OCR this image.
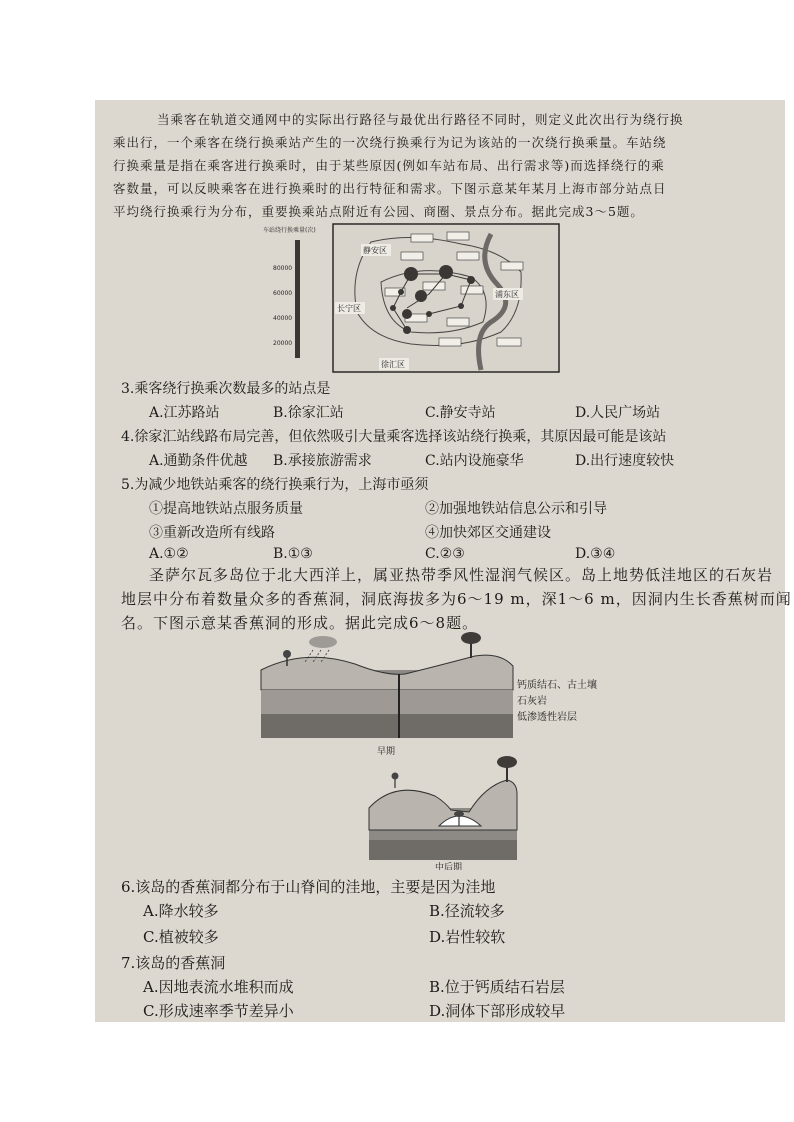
当乘客在轨道交通网中的实际出行路径与最优出行路径不同时，则定义此次出行为绕行换
乘出行，一个乘客在绕行换乘站产生的一次绕行换乘行为记为该站的一次绕行换乘量。车站绕
行换乘量是指在乘客进行换乘时，由于某些原因(例如车站布局、出行需求等)而选择绕行的乘
客数量，可以反映乘客在进行换乘时的出行特征和需求。下图示意某年某月上海市部分站点日
平均绕行换乘行为分布，重要换乘站点附近有公园、商圈、景点分布。据此完成3～5题。
车站绕行换乘量(次)
80000
60000
40000
20000
静安区
长宁区
浦东区
徐汇区
3.乘客绕行换乘次数最多的站点是
A.江苏路站	B.徐家汇站	C.静安寺站	D.人民广场站
4.徐家汇站线路布局完善，但依然吸引大量乘客选择该站绕行换乘，其原因最可能是该站
A.通勤条件优越 B.承接旅游需求	C.站内设施豪华	D.出行速度较快
5.为减少地铁站乘客的绕行换乘行为，上海市亟须
①提高地铁站点服务质量	②加强地铁站信息公示和引导
③重新改造所有线路	④加快郊区交通建设
A.①②	B.①③	C.②③	D.③④
圣萨尔瓦多岛位于北大西洋上，属亚热带季风性湿润气候区。岛上地势低洼地区的石灰岩
地层中分布着数量众多的香蕉洞，洞底海拔多为6～19 m，深1～6 m，因洞内生长香蕉树而闻
名。下图示意某香蕉洞的形成。据此完成6～8题。
钙质结石、古土壤
石灰岩
低渗透性岩层
早期
中后期
6.该岛的香蕉洞都分布于山脊间的洼地，主要是因为洼地
A.降水较多	B.径流较多
C.植被较多	D.岩性较软
7.该岛的香蕉洞
A.因地表流水堆积而成	B.位于钙质结石岩层
C.形成速率季节差异小	D.洞体下部形成较早
